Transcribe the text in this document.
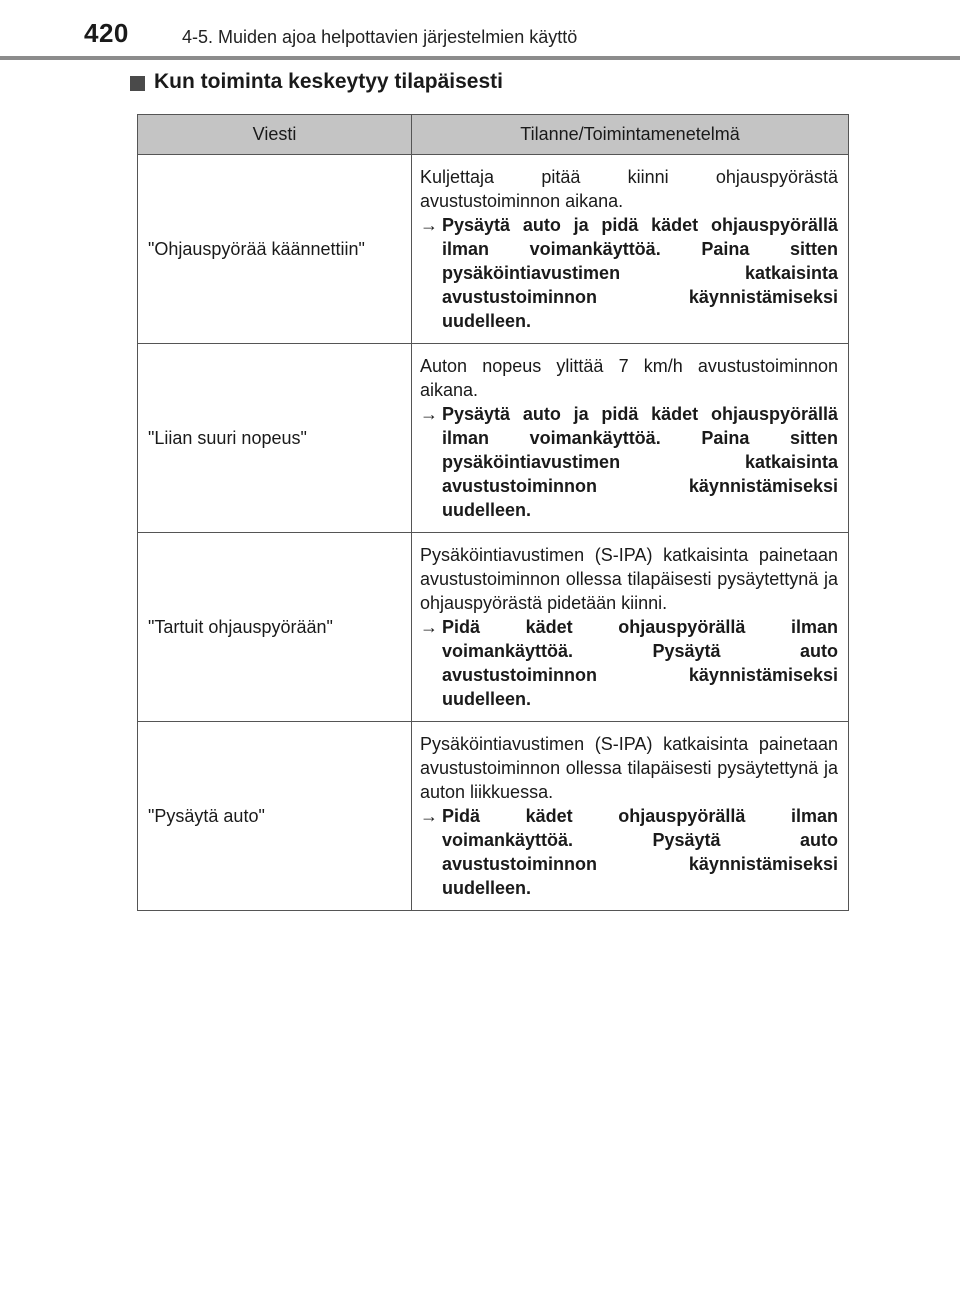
420	4-5. Muiden ajoa helpottavien järjestelmien käyttö
Kun toiminta keskeytyy tilapäisesti
Viesti	Tilanne/Toimintamenetelmä
"Ohjauspyörää käännettiin"	Kuljettaja pitää kiinni ohjauspyörästä avustustoiminnon aikana.
→ Pysäytä auto ja pidä kädet ohjauspyörällä ilman voimankäyttöä. Paina sitten pysäköintiavustimen katkaisinta avustustoiminnon käynnistämiseksi uudelleen.

"Liian suuri nopeus"	Auton nopeus ylittää 7 km/h avustustoiminnon aikana.
→ Pysäytä auto ja pidä kädet ohjauspyörällä ilman voimankäyttöä. Paina sitten pysäköintiavustimen katkaisinta avustustoiminnon käynnistämiseksi uudelleen.

"Tartuit ohjauspyörään"	Pysäköintiavustimen (S-IPA) katkaisinta painetaan avustustoiminnon ollessa tilapäisesti pysäytettynä ja ohjauspyörästä pidetään kiinni.
→ Pidä kädet ohjauspyörällä ilman voimankäyttöä. Pysäytä auto avustustoiminnon käynnistämiseksi uudelleen.

"Pysäytä auto"	Pysäköintiavustimen (S-IPA) katkaisinta painetaan avustustoiminnon ollessa tilapäisesti pysäytettynä ja auton liikkuessa.
→ Pidä kädet ohjauspyörällä ilman voimankäyttöä. Pysäytä auto avustustoiminnon käynnistämiseksi uudelleen.
